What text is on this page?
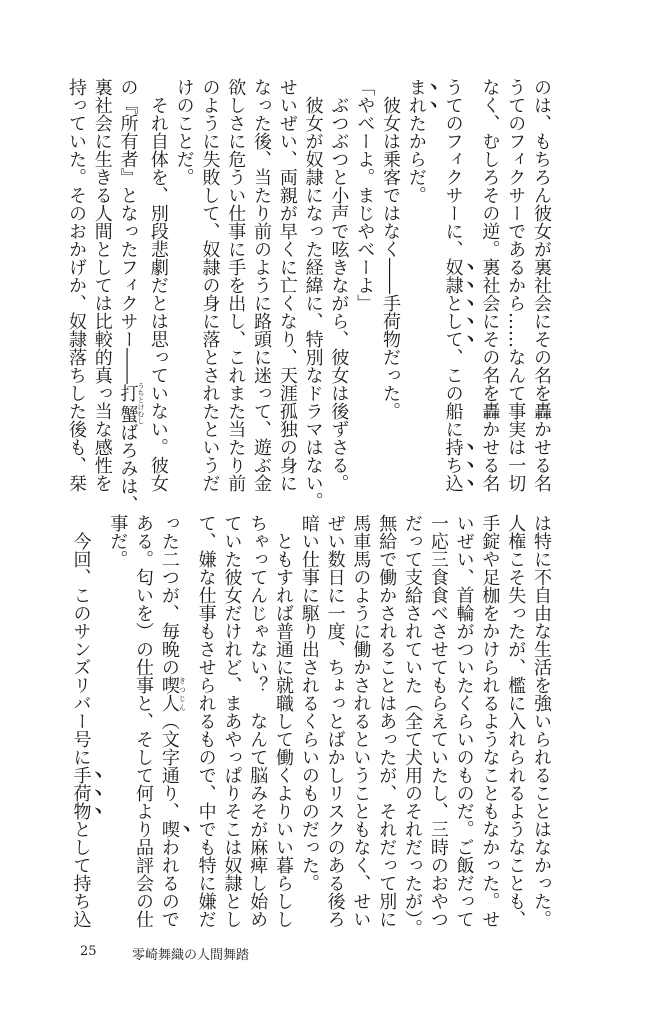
のは、もちろん彼女が裏社会にその名を轟かせる名
うてのフィクサーであるから……なんて事実は一切
なく、むしろその逆。裏社会にその名を轟かせる名
うてのフィクサーに、奴隷として、この船に持ち込
まれたからだ。
　彼女は乗客ではなく――手荷物だった。
「やべーよ。まじやべーよ」
　ぶつぶつと小声で呟きながら、彼女は後ずさる。
　彼女が奴隷になった経緯に、特別なドラマはない。
せいぜい、両親が早くに亡くなり、天涯孤独の身に
なった後、当たり前のように路頭に迷って、遊ぶ金
欲しさに危うい仕事に手を出し、これまた当たり前
のように失敗して、奴隷の身に落とされたというだ
けのことだ。
　それ自体を、別段悲劇だとは思っていない。彼女
の『所有者』となったフィクサー――打蟹うちとけむしばろみは、
裏社会に生きる人間としては比較的真っ当な感性を
持っていた。そのおかげか、奴隷落ちした後も、栞
は特に不自由な生活を強いられることはなかった。
人権こそ失ったが、檻に入れられるようなことも、
手錠や足枷をかけられるようなこともなかった。せ
いぜい、首輪がついたくらいのものだ。ご飯だって
一応三食食べさせてもらえていたし、三時のおやつ
だって支給されていた（全て犬用のそれだったが）。
無給で働かされることはあったが、それだって別に
馬車馬のように働かされるということもなく、せい
ぜい数日に一度、ちょっとばかしリスクのある後ろ
暗い仕事に駆り出されるくらいのものだった。
　ともすれば普通に就職して働くよりいい暮らしし
ちゃってんじゃない？　なんて脳みそが麻痺し始め
ていた彼女だけれど、まあやっぱりそこは奴隷とし
て、嫌な仕事もさせられるもので、中でも特に嫌だ
った二つが、毎晩の喫人きつじん（文字通り、喫われるので
ある。匂いを）の仕事と、そして何より品評会の仕
事だ。
　今回、このサンズリバー号に手荷物として持ち込
25	零崎舞織の人間舞踏
